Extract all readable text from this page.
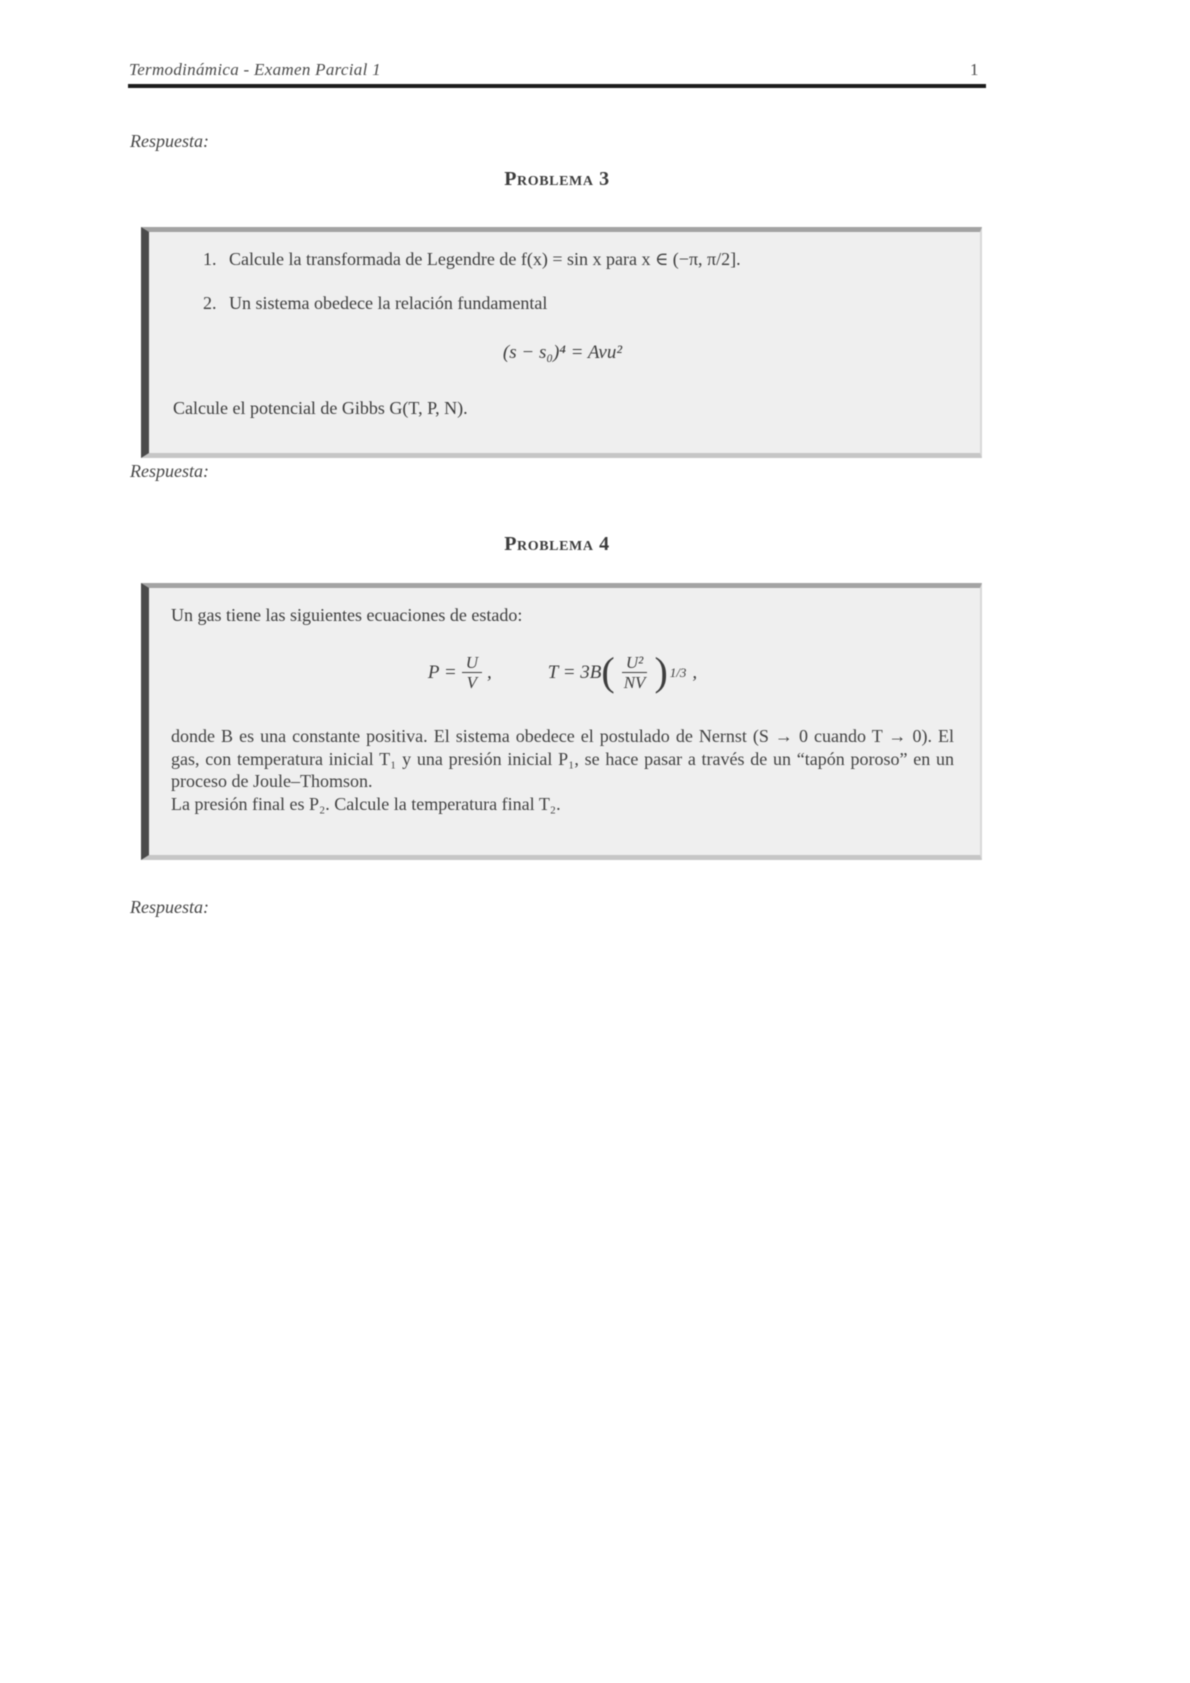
Termodinámica - Examen Parcial 1	1
Respuesta:
Problema 3
1. Calcule la transformada de Legendre de f(x) = sin x para x ∈ (−π, π/2].
2. Un sistema obedece la relación fundamental
(s − s₀)⁴ = Avu²
Calcule el potencial de Gibbs G(T, P, N).
Respuesta:
Problema 4
Un gas tiene las siguientes ecuaciones de estado:
$P = \frac{U}{V}$ ,	T = 3B ( $\frac{\text{U²}}{NV}$ ) 1/3 ,
donde B es una constante positiva. El sistema obedece el postulado de Nernst (S → 0 cuando T → 0). El gas, con temperatura inicial T₁ y una presión inicial P₁, se hace pasar a través de un “tapón poroso” en un proceso de Joule–Thomson.
La presión final es P₂. Calcule la temperatura final T₂.
Respuesta:
